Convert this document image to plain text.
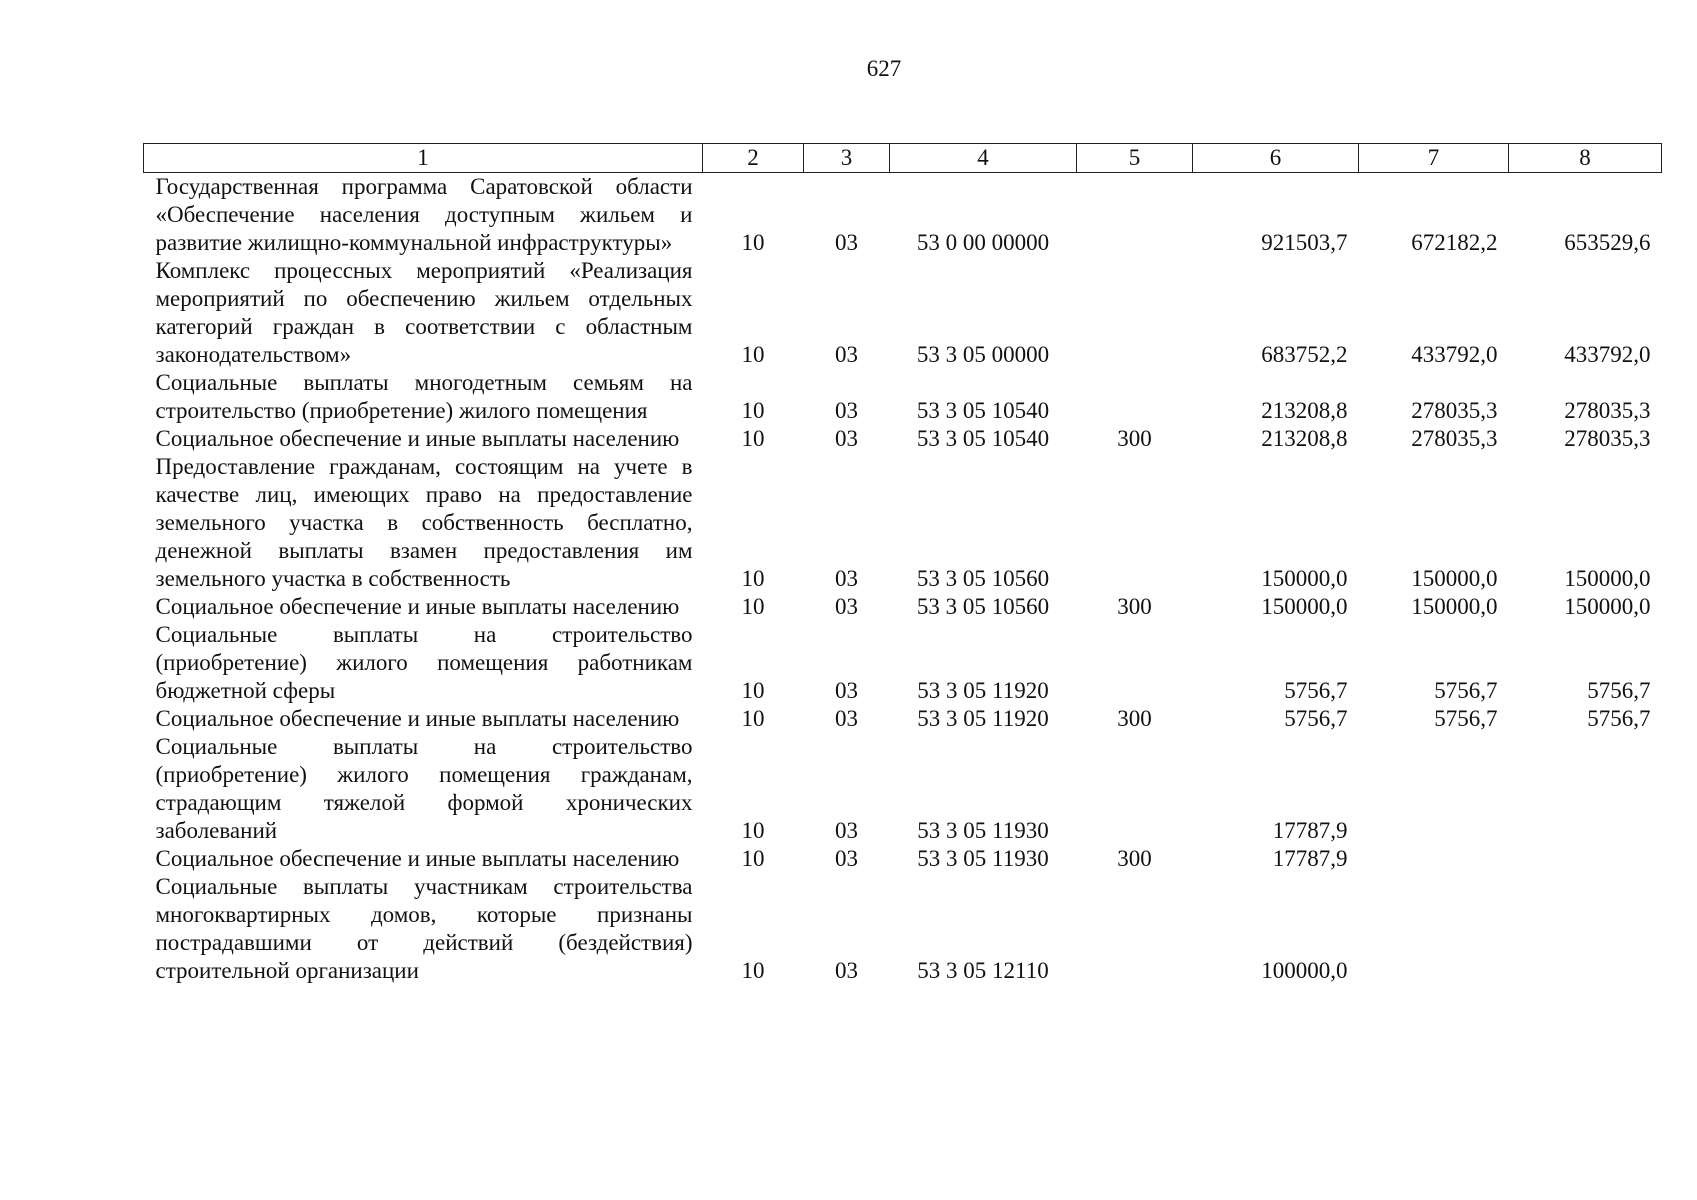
627
1	2	3	4	5	6	7	8
Государственная программа Саратовской области «Обеспечение населения доступным жильем и развитие жилищно-коммунальной инфраструктуры»	10	03	53 0 00 00000		921503,7	672182,2	653529,6
Комплекс процессных мероприятий «Реализация мероприятий по обеспечению жильем отдельных категорий граждан в соответствии с областным законодательством»	10	03	53 3 05 00000		683752,2	433792,0	433792,0
Социальные выплаты многодетным семьям на строительство (приобретение) жилого помещения	10	03	53 3 05 10540		213208,8	278035,3	278035,3
Социальное обеспечение и иные выплаты населению	10	03	53 3 05 10540	300	213208,8	278035,3	278035,3
Предоставление гражданам, состоящим на учете в качестве лиц, имеющих право на предоставление земельного участка в собственность бесплатно, денежной выплаты взамен предоставления им земельного участка в собственность	10	03	53 3 05 10560		150000,0	150000,0	150000,0
Социальное обеспечение и иные выплаты населению	10	03	53 3 05 10560	300	150000,0	150000,0	150000,0
Социальные выплаты на строительство (приобретение) жилого помещения работникам бюджетной сферы	10	03	53 3 05 11920		5756,7	5756,7	5756,7
Социальное обеспечение и иные выплаты населению	10	03	53 3 05 11920	300	5756,7	5756,7	5756,7
Социальные выплаты на строительство (приобретение) жилого помещения гражданам, страдающим тяжелой формой хронических заболеваний	10	03	53 3 05 11930		17787,9		
Социальное обеспечение и иные выплаты населению	10	03	53 3 05 11930	300	17787,9		
Социальные выплаты участникам строительства многоквартирных домов, которые признаны пострадавшими от действий (бездействия) строительной организации	10	03	53 3 05 12110		100000,0		
